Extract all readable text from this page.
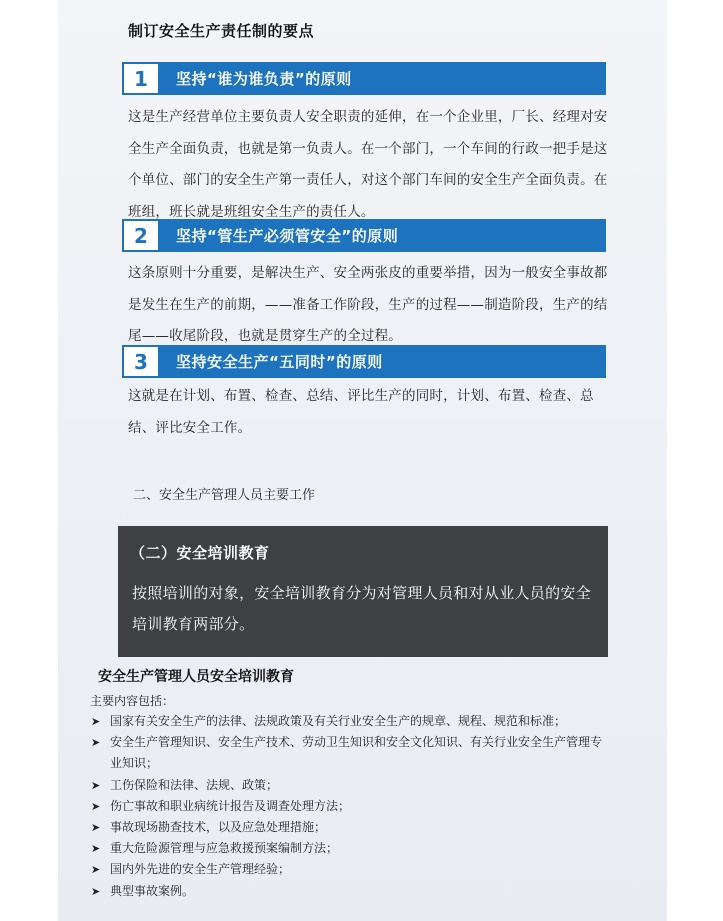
制订安全生产责任制的要点
1	坚持“谁为谁负责”的原则
这是生产经营单位主要负责人安全职责的延伸，在一个企业里，厂长、经理对安全生产全面负责，也就是第一负责人。在一个部门，一个车间的行政一把手是这个单位、部门的安全生产第一责任人，对这个部门车间的安全生产全面负责。在班组，班长就是班组安全生产的责任人。
2	坚持“管生产必须管安全”的原则
这条原则十分重要，是解决生产、安全两张皮的重要举措，因为一般安全事故都是发生在生产的前期，——准备工作阶段，生产的过程——制造阶段，生产的结尾——收尾阶段，也就是贯穿生产的全过程。
3	坚持安全生产“五同时”的原则
这就是在计划、布置、检查、总结、评比生产的同时，计划、布置、检查、总结、评比安全工作。
二、安全生产管理人员主要工作
（二）安全培训教育
按照培训的对象，安全培训教育分为对管理人员和对从业人员的安全培训教育两部分。
安全生产管理人员安全培训教育
主要内容包括：
➤ 国家有关安全生产的法律、法规政策及有关行业安全生产的规章、规程、规范和标准；
➤ 安全生产管理知识、安全生产技术、劳动卫生知识和安全文化知识、有关行业安全生产管理专业知识；
➤ 工伤保险和法律、法规、政策；
➤ 伤亡事故和职业病统计报告及调查处理方法；
➤ 事故现场勘查技术，以及应急处理措施；
➤ 重大危险源管理与应急救援预案编制方法；
➤ 国内外先进的安全生产管理经验；
➤ 典型事故案例。
